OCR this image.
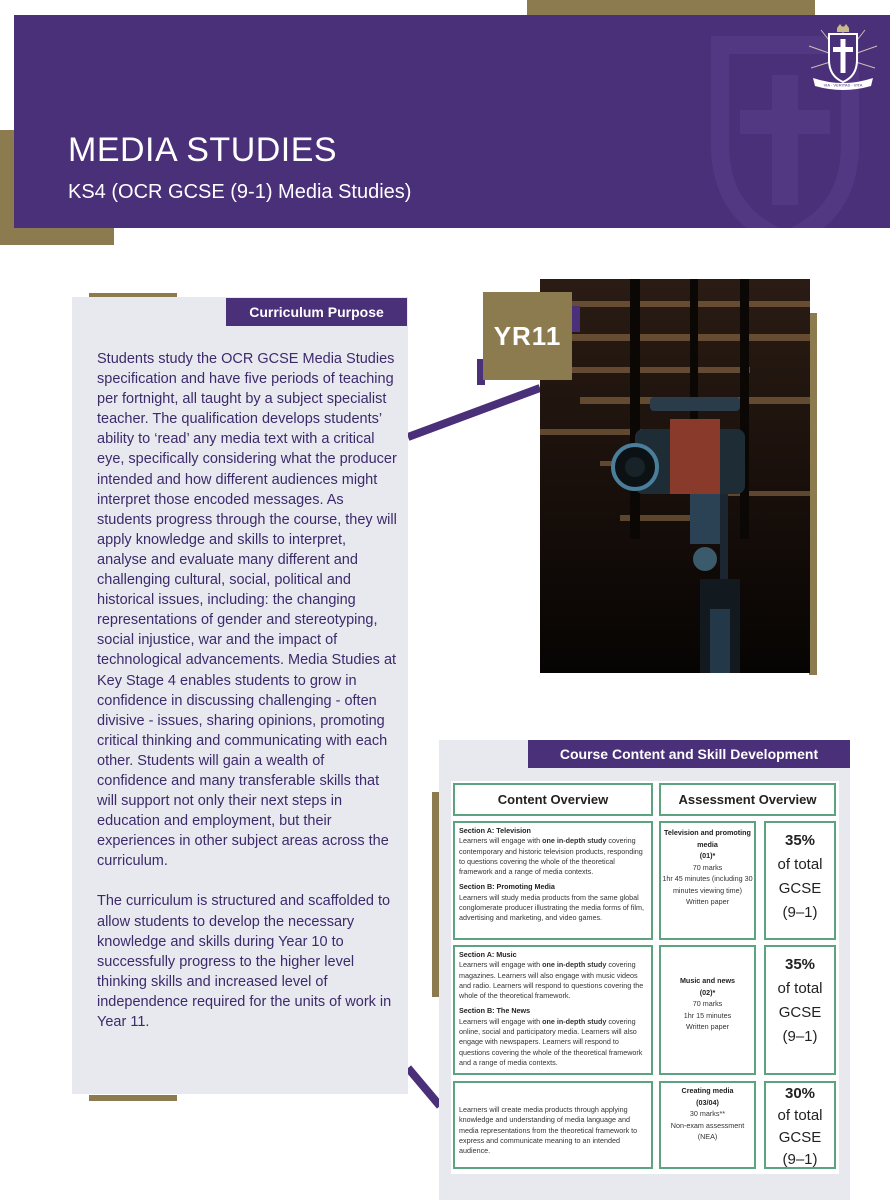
MEDIA STUDIES
KS4 (OCR GCSE (9-1) Media Studies)
VIA · VERITAS · VITA
Curriculum Purpose

Students study the OCR GCSE Media Studies specification and have five periods of teaching per fortnight, all taught by a subject specialist teacher. The qualification develops students’ ability to ‘read’ any media text with a critical eye, specifically considering what the producer intended and how different audiences might interpret those encoded messages. As students progress through the course, they will apply knowledge and skills to interpret, analyse and evaluate many different and challenging cultural, social, political and historical issues, including: the changing representations of gender and stereotyping, social injustice, war and the impact of technological advancements. Media Studies at Key Stage 4 enables students to grow in confidence in discussing challenging - often divisive - issues, sharing opinions, promoting critical thinking and communicating with each other. Students will gain a wealth of confidence and many transferable skills that will support not only their next steps in education and employment, but their experiences in other subject areas across the curriculum.

The curriculum is structured and scaffolded to allow students to develop the necessary knowledge and skills during Year 10 to successfully progress to the higher level thinking skills and increased level of independence required for the units of work in Year 11.

YR11
Course Content and Skill Development
Content Overview	Assessment Overview
Section A: Television
Learners will engage with one in-depth study covering contemporary and historic television products, responding to questions covering the whole of the theoretical framework and a range of media contexts.
Section B: Promoting Media
Learners will study media products from the same global conglomerate producer illustrating the media forms of film, advertising and marketing, and video games.
Television and promoting media
(01)*
70 marks
1hr 45 minutes (including 30 minutes viewing time)
Written paper
35%
of total
GCSE
(9–1)
Section A: Music
Learners will engage with one in-depth study covering magazines. Learners will also engage with music videos and radio. Learners will respond to questions covering the whole of the theoretical framework.
Section B: The News
Learners will engage with one in-depth study covering online, social and participatory media. Learners will also engage with newspapers. Learners will respond to questions covering the whole of the theoretical framework and a range of media contexts.
Music and news
(02)*
70 marks
1hr 15 minutes
Written paper
35%
of total
GCSE
(9–1)
Learners will create media products through applying knowledge and understanding of media language and media representations from the theoretical framework to express and communicate meaning to an intended audience.
Creating media
(03/04)
30 marks**
Non-exam assessment
(NEA)
30%
of total
GCSE
(9–1)
